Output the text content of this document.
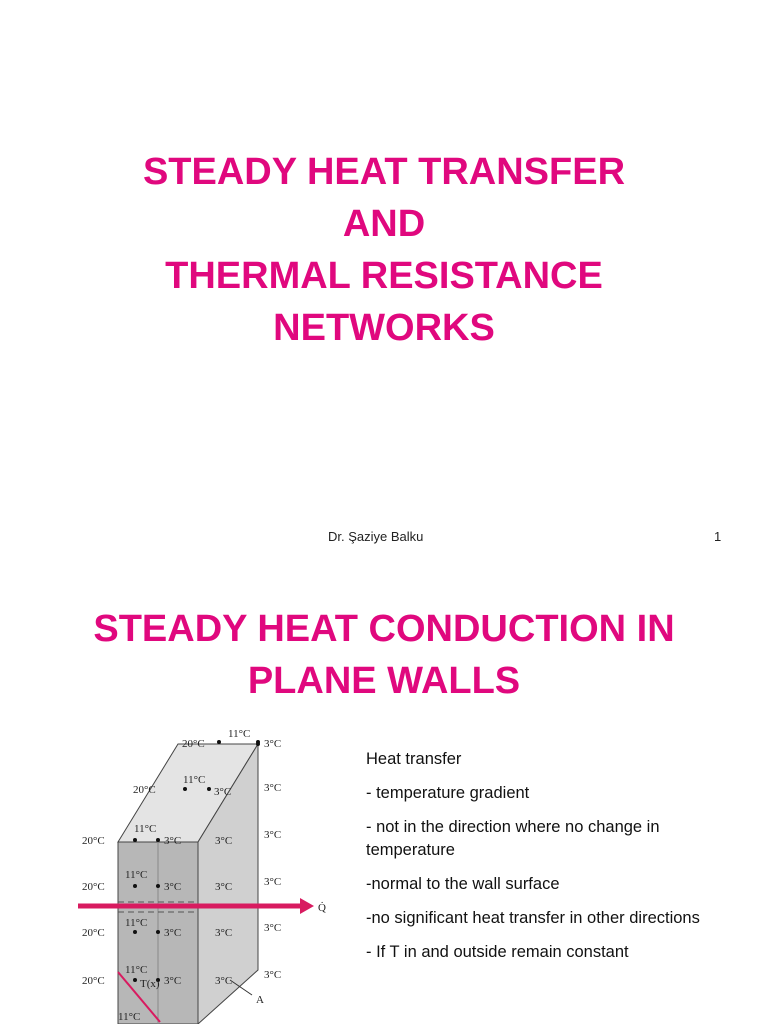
STEADY HEAT TRANSFER
AND
THERMAL RESISTANCE
NETWORKS
Dr. Şaziye Balku	1
STEADY HEAT CONDUCTION IN
PLANE WALLS

Heat transfer

- temperature gradient

- not in the direction where no change in temperature

-normal to the wall surface

-no significant heat transfer in other directions

- If T in and outside remain constant

20°C
11°C
3°C
20°C
11°C
3°C	3°C
20°C
11°C
3°C	3°C	3°C
20°C
11°C
3°C	3°C	3°C
20°C
11°C
3°C	3°C	3°C
20°C
11°C
3°C	3°C	3°C
11°C
Q̇
T(x)
A
